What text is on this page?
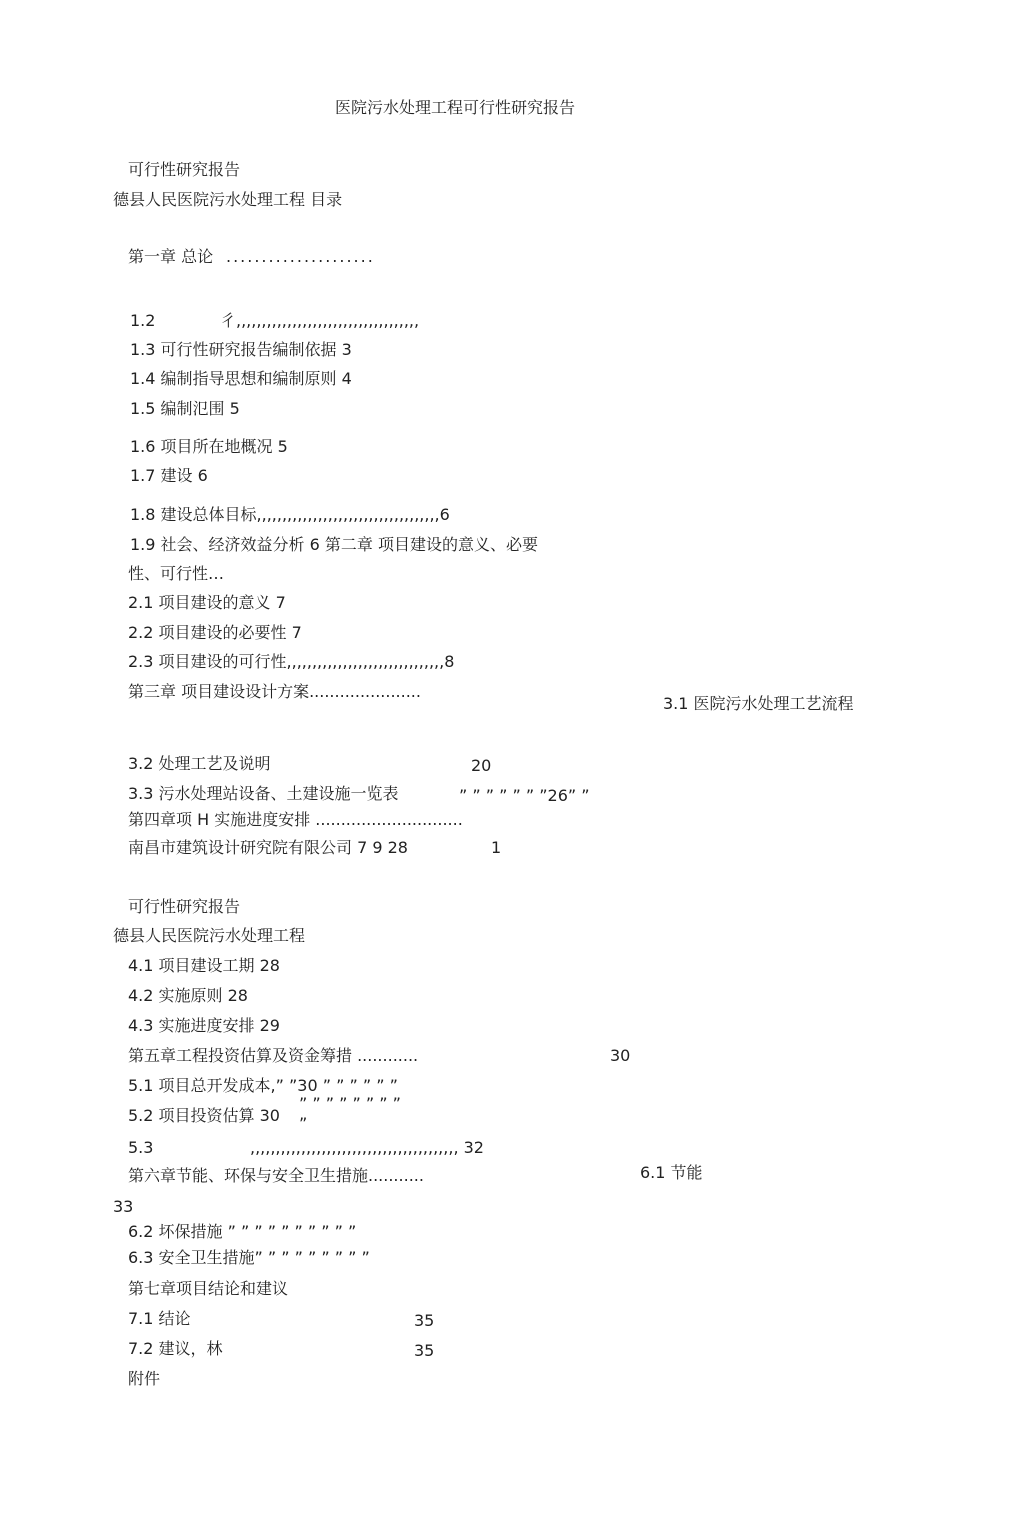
医院污水处理工程可行性研究报告
可行性研究报告
德县人民医院污水处理工程 目录
第一章 总论 .....................
1.2	彳,,,,,,,,,,,,,,,,,,,,,,,,,,,,,,,,,,,,
1.3 可行性研究报告编制依据 3
1.4 编制指导思想和编制原则 4
1.5 编制氾围 5
1.6 项目所在地概况 5
1.7 建设 6
1.8 建设总体目标,,,,,,,,,,,,,,,,,,,,,,,,,,,,,,,,,,,,6
1.9 社会、经济效益分析 6 第二章 项目建设的意义、必要
性、可行性…
2.1 项目建设的意义 7
2.2 项目建设的必要性 7
2.3 项目建设的可行性,,,,,,,,,,,,,,,,,,,,,,,,,,,,,,,8
第三章 项目建设设计方案......................
3.1 医院污水处理工艺流程
3.2 处理工艺及说明	20
3.3 污水处理站设备、土建设施一览表	” ” ” ” ” ” ”26” ”
第四章项 H 实施进度安排 .............................
南昌市建筑设计研究院有限公司 7 9 28	1
可行性研究报告
德县人民医院污水处理工程
4.1 项目建设工期 28
4.2 实施原则 28
4.3 实施进度安排 29
第五章工程投资估算及资金筹措 ............	30
5.1 项目总开发成本,” ”30 ” ” ” ” ” ”
5.2 项目投资估算 30
” ” ” ” ” ” ” ”
”
5.3	,,,,,,,,,,,,,,,,,,,,,,,,,,,,,,,,,,,,,,,,, 32
第六章节能、环保与安全卫生措施...........	6.1 节能
33
6.2 坏保措施 ” ” ” ” ” ” ” ” ” ”
6.3 安全卫生措施” ” ” ” ” ” ” ” ”
第七章项目结论和建议
7.1 结论	35
7.2 建议，林	35
附件
